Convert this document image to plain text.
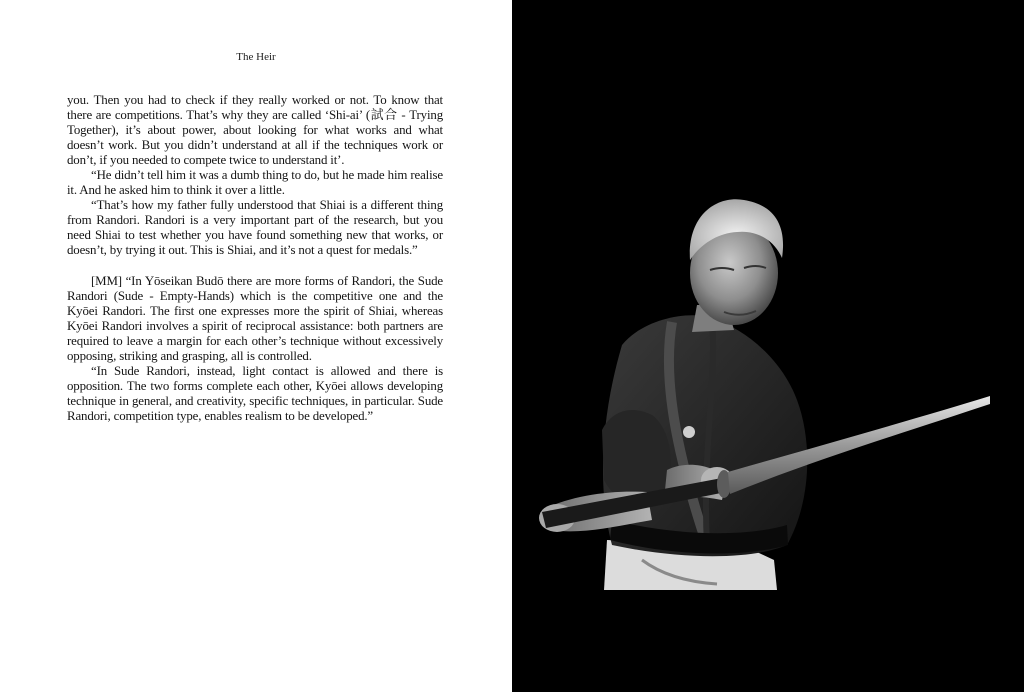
The Heir

you. Then you had to check if they really worked or not. To know that there are competitions. That’s why they are called ‘Shi-ai’ (試合 - Trying Together), it’s about power, about looking for what works and what doesn’t work. But you didn’t understand at all if the techniques work or don’t, if you needed to compete twice to understand it’.

“He didn’t tell him it was a dumb thing to do, but he made him realise it. And he asked him to think it over a little.

“That’s how my father fully understood that Shiai is a different thing from Randori. Randori is a very important part of the research, but you need Shiai to test whether you have found something new that works, or doesn’t, by trying it out. This is Shiai, and it’s not a quest for medals.”

[MM] “In Yōseikan Budō there are more forms of Randori, the Sude Randori (Sude - Empty-Hands) which is the competitive one and the Kyōei Randori. The first one expresses more the spirit of Shiai, whereas Kyōei Randori involves a spirit of reciprocal assistance: both partners are required to leave a margin for each other’s technique without excessively opposing, striking and grasping, all is controlled.

“In Sude Randori, instead, light contact is allowed and there is opposition. The two forms complete each other, Kyōei allows developing technique in general, and creativity, specific techniques, in particular. Sude Randori, competition type, enables realism to be developed.”
